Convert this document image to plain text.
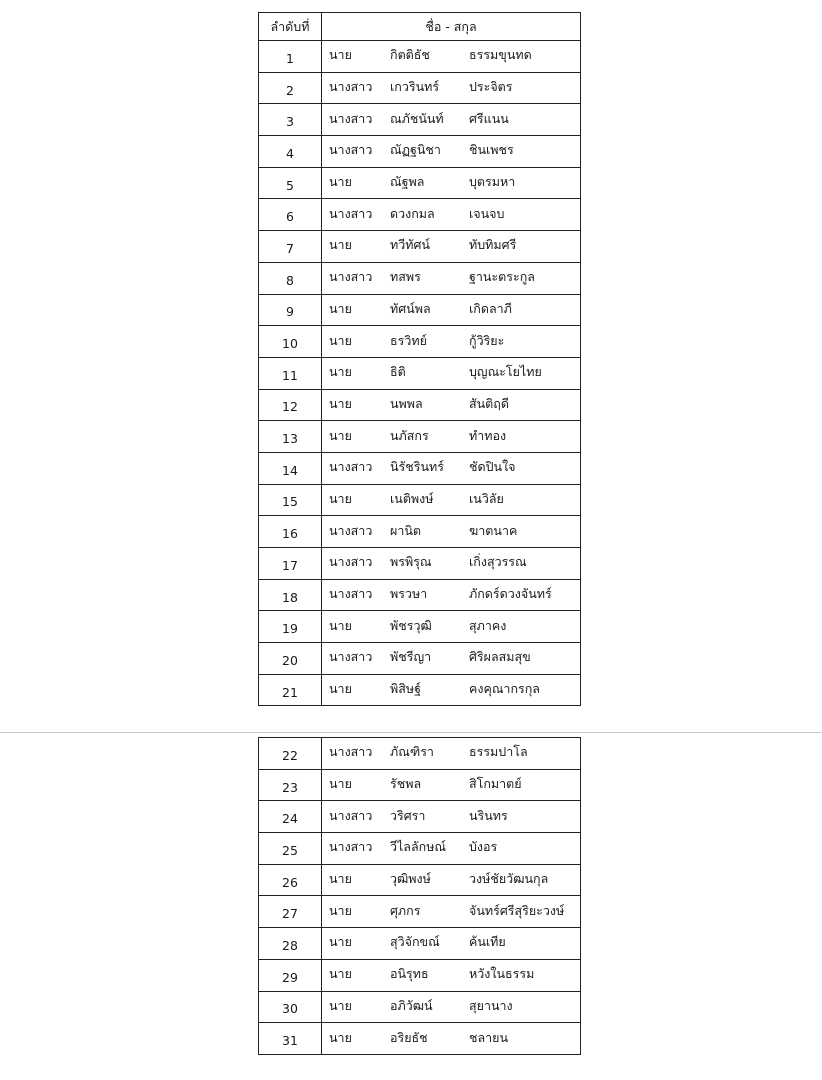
ลำดับที่	ชื่อ - สกุล
1	นาย กิตติธัช ธรรมขุนทด

2	นางสาว เกวรินทร์ ประจิตร

3	นางสาว ณภัชนันท์ ศรีแนน

4	นางสาว ณัฏฐนิชา ชินเพชร

5	นาย ณัฐพล บุตรมหา

6	นางสาว ดวงกมล เจนจบ

7	นาย ทวีทัศน์ ทับทิมศรี

8	นางสาว ทสพร ฐานะตระกูล

9	นาย ทัศน์พล เกิดลาภี

10	นาย ธรวิทย์ กู้วิริยะ

11	นาย ธิติ บุญณะโยไทย

12	นาย นพพล สันติฤดี

13	นาย นภัสกร ทำทอง

14	นางสาว นิรัชรินทร์ ชัดปินใจ

15	นาย เนติพงษ์ เนวิลัย

16	นางสาว ผานิต ฆาตนาค

17	นางสาว พรพิรุณ เกิ่งสุวรรณ

18	นางสาว พรวษา ภักดร์ดวงจันทร์

19	นาย พัชรวุฒิ สุภาคง

20	นางสาว พัชรีญา ศิริผลสมสุข

21	นาย พิสิษฐ์ คงคุณากรกุล
22	นางสาว ภัณฑิรา ธรรมปาโล

23	นาย รัชพล สิโกมาตย์

24	นางสาว วริศรา นรินทร

25	นางสาว วีไลลักษณ์ บังอร

26	นาย วุฒิพงษ์ วงษ์ชัยวัฒนกุล

27	นาย ศุภกร จันทร์ศรีสุริยะวงษ์

28	นาย สุวิจักขณ์ ค้นเทีย

29	นาย อนิรุทธ หวังในธรรม

30	นาย อภิวัฒน์ สุยานาง

31	นาย อริยธัช ชลายน
